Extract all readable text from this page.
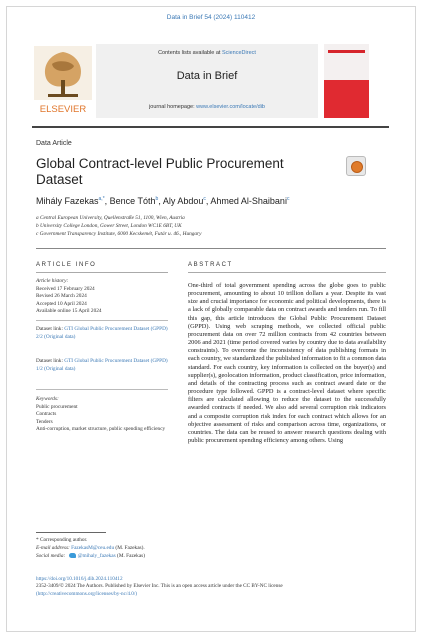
Data in Brief 54 (2024) 110412
ELSEVIER
Contents lists available at ScienceDirect
Data in Brief
journal homepage: www.elsevier.com/locate/dib
Data Article
Global Contract-level Public Procurement Dataset
Mihály Fazekas$^{a,*}$, Bence Tóth$^b$, Aly Abdou$^c$, Ahmed Al-Shaibani$^c$
a Central European University, Quellenstraße 51, 1100, Wien, Austria
b University College London, Gower Street, London WC1E 6BT, UK
c Government Transparency Institute, 6000 Kecskemét, Futár u. 46., Hungary
ARTICLE INFO	ABSTRACT
Article history:
Received 17 February 2024
Revised 26 March 2024
Accepted 10 April 2024
Available online 15 April 2024
Dataset link: GTI Global Public Procurement Dataset (GPPD) 2/2 (Original data)
Dataset link: GTI Global Public Procurement Dataset (GPPD) 1/2 (Original data)
Keywords:
Public procurement
Contracts
Tenders
Anti-corruption, market structure, public spending efficiency
One-third of total government spending across the globe goes to public procurement, amounting to about 10 trillion dollars a year. Despite its vast size and crucial importance for economic and political developments, there is a lack of globally comparable data on contract awards and tenders run. To fill this gap, this article introduces the Global Public Procurement Dataset (GPPD). Using web scraping methods, we collected official public procurement data on over 72 million contracts from 42 countries between 2006 and 2021 (time period covered varies by country due to data availability constraints). To overcome the inconsistency of data publishing formats in each country, we standardized the published information to fit a common data standard. For each country, key information is collected on the buyer(s) and supplier(s), geolocation information, product classification, price information, and details of the contracting process such as contract award date or the procedure type followed. GPPD is a contract-level dataset where specific filters are calculated allowing to reduce the dataset to the successfully awarded contracts if needed. We also add several corruption risk indicators and a composite corruption risk index for each contract which allows for an objective assessment of risks and comparison across time, organizations, or countries. The data can be reused to answer research questions dealing with public procurement spending efficiency among others. Using
* Corresponding author.
E-mail address: FazekasM@ceu.edu (M. Fazekas).
Social media: @mihaly_fazekas (M. Fazekas)
https://doi.org/10.1016/j.dib.2024.110412
2352-3409/© 2024 The Authors. Published by Elsevier Inc. This is an open access article under the CC BY-NC license
(http://creativecommons.org/licenses/by-nc/4.0/)
